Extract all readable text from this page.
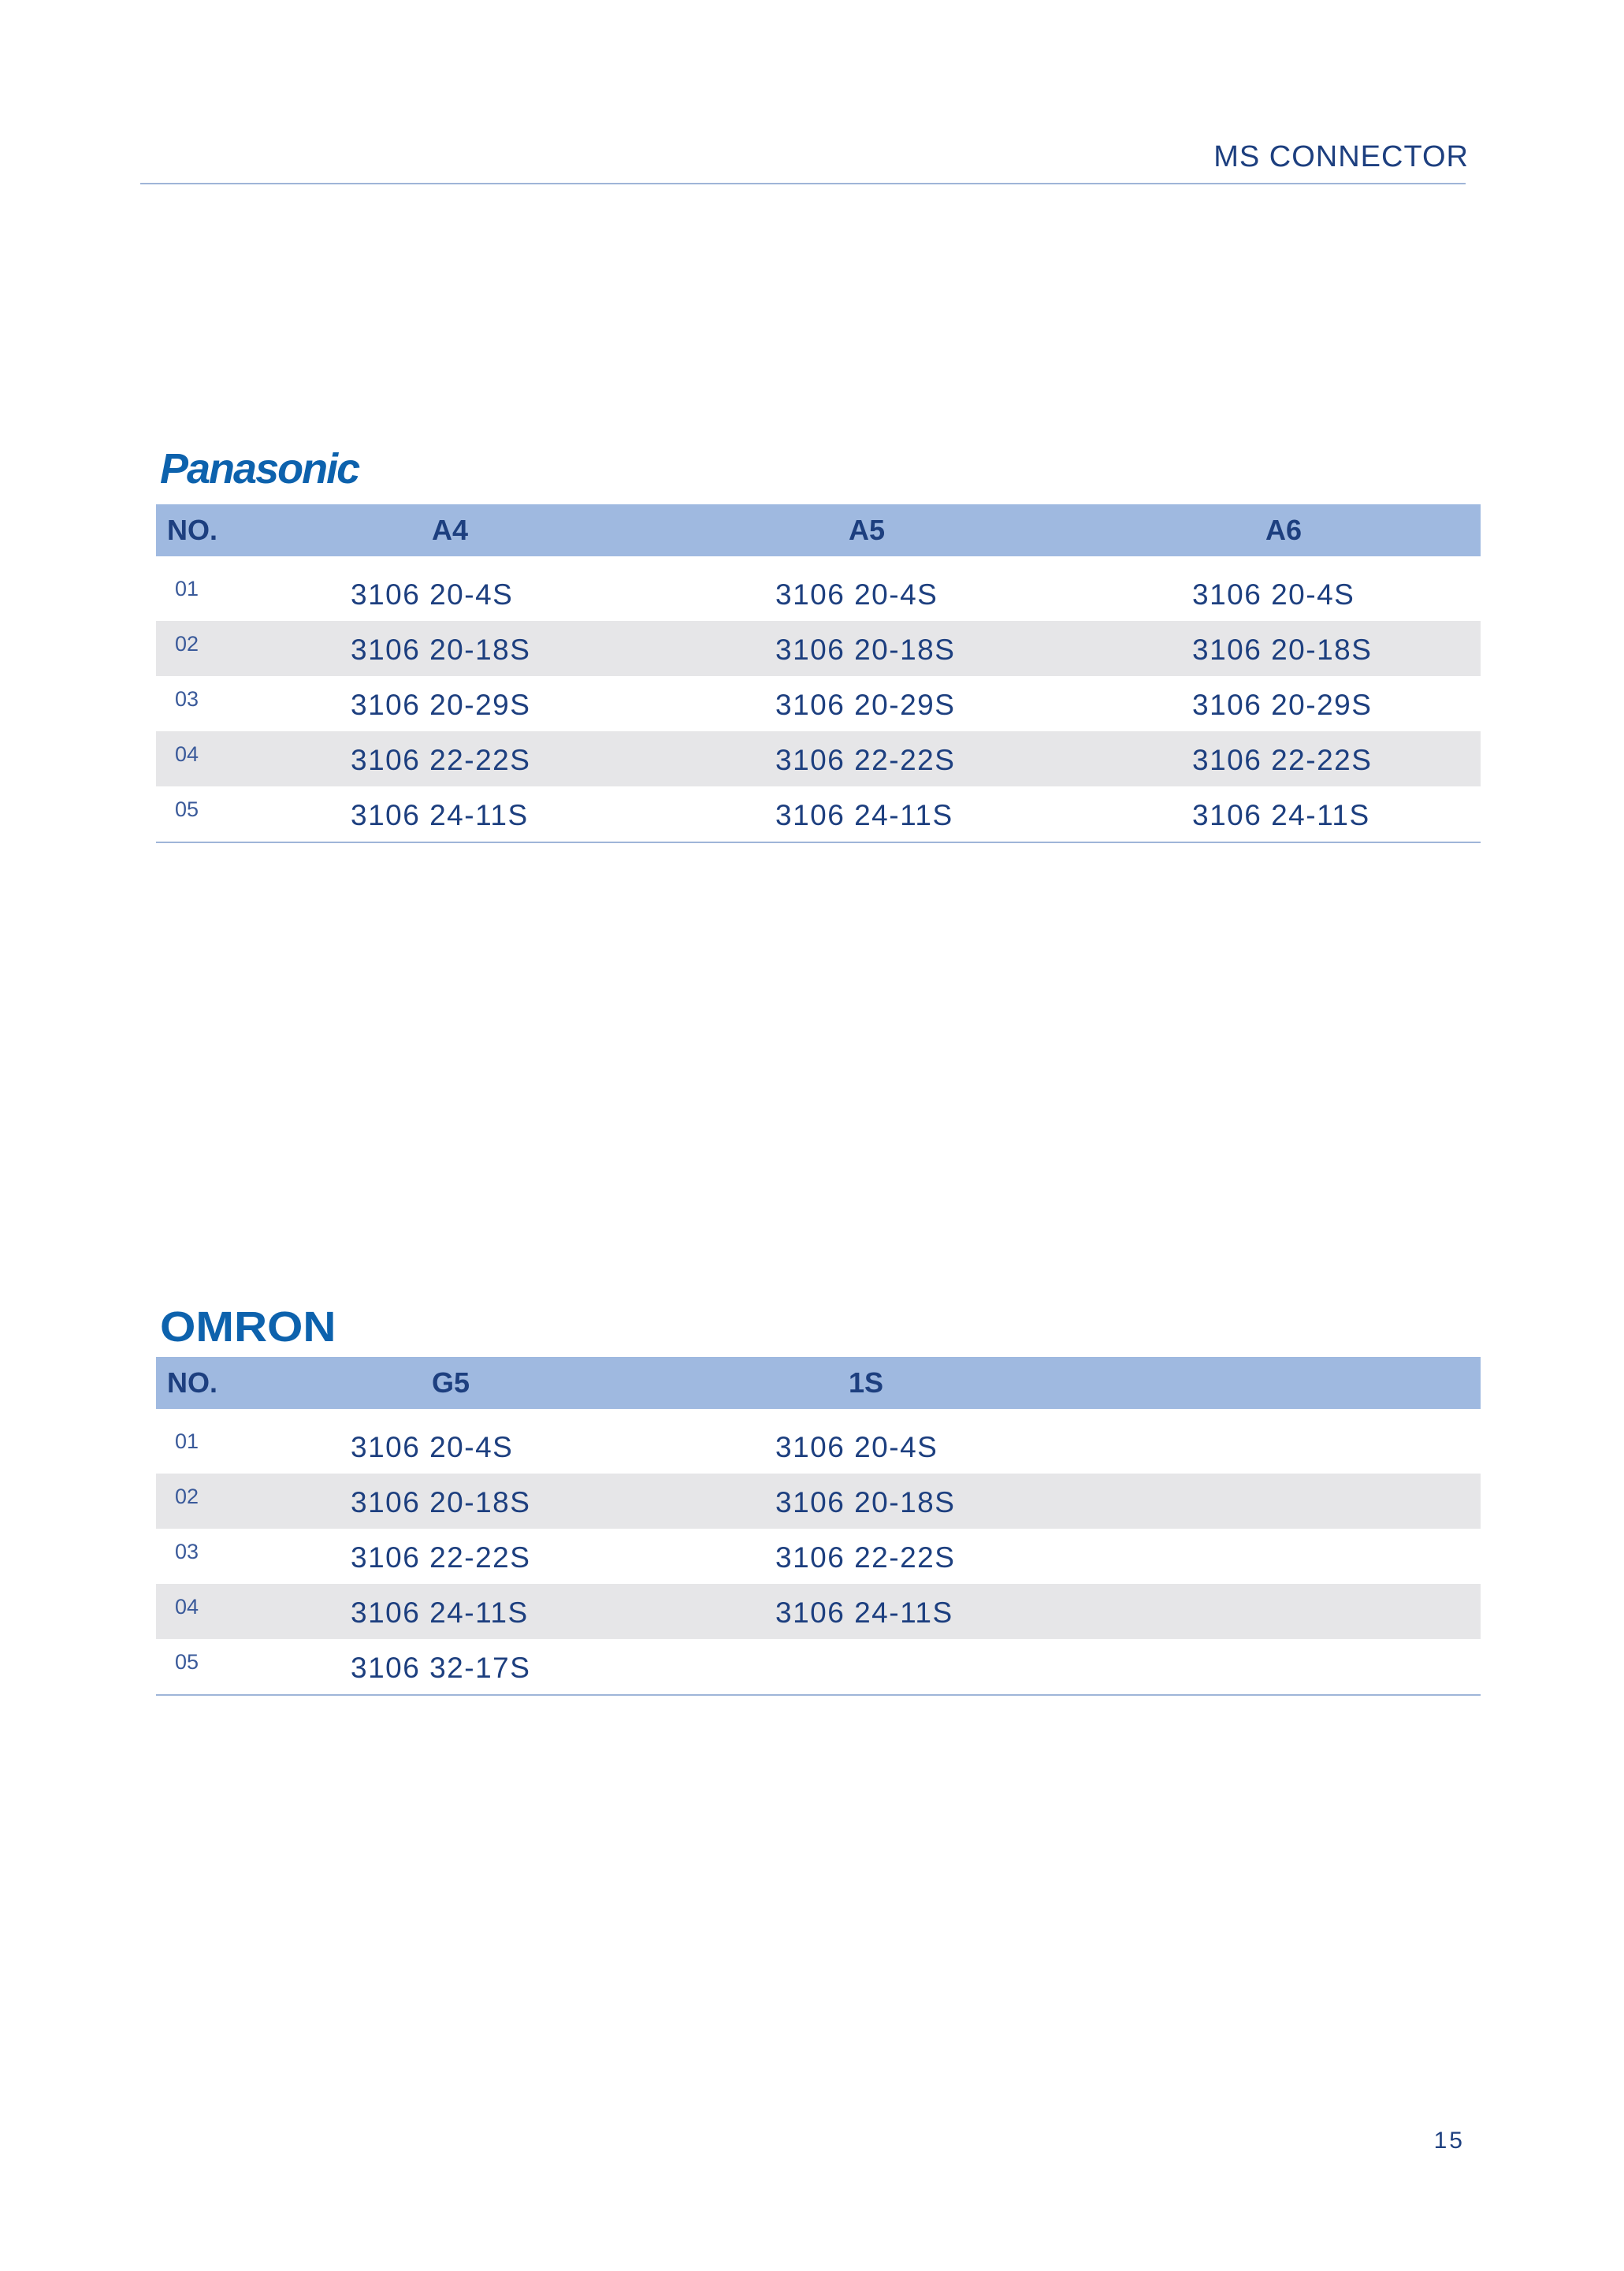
MS CONNECTOR
Panasonic
NO.	A4	A5	A6
01	3106 20-4S	3106 20-4S	3106 20-4S
02	3106 20-18S	3106 20-18S	3106 20-18S
03	3106 20-29S	3106 20-29S	3106 20-29S
04	3106 22-22S	3106 22-22S	3106 22-22S
05	3106 24-11S	3106 24-11S	3106 24-11S
OMRON
NO.	G5	1S
01	3106 20-4S	3106 20-4S
02	3106 20-18S	3106 20-18S
03	3106 22-22S	3106 22-22S
04	3106 24-11S	3106 24-11S
05	3106 32-17S
15
